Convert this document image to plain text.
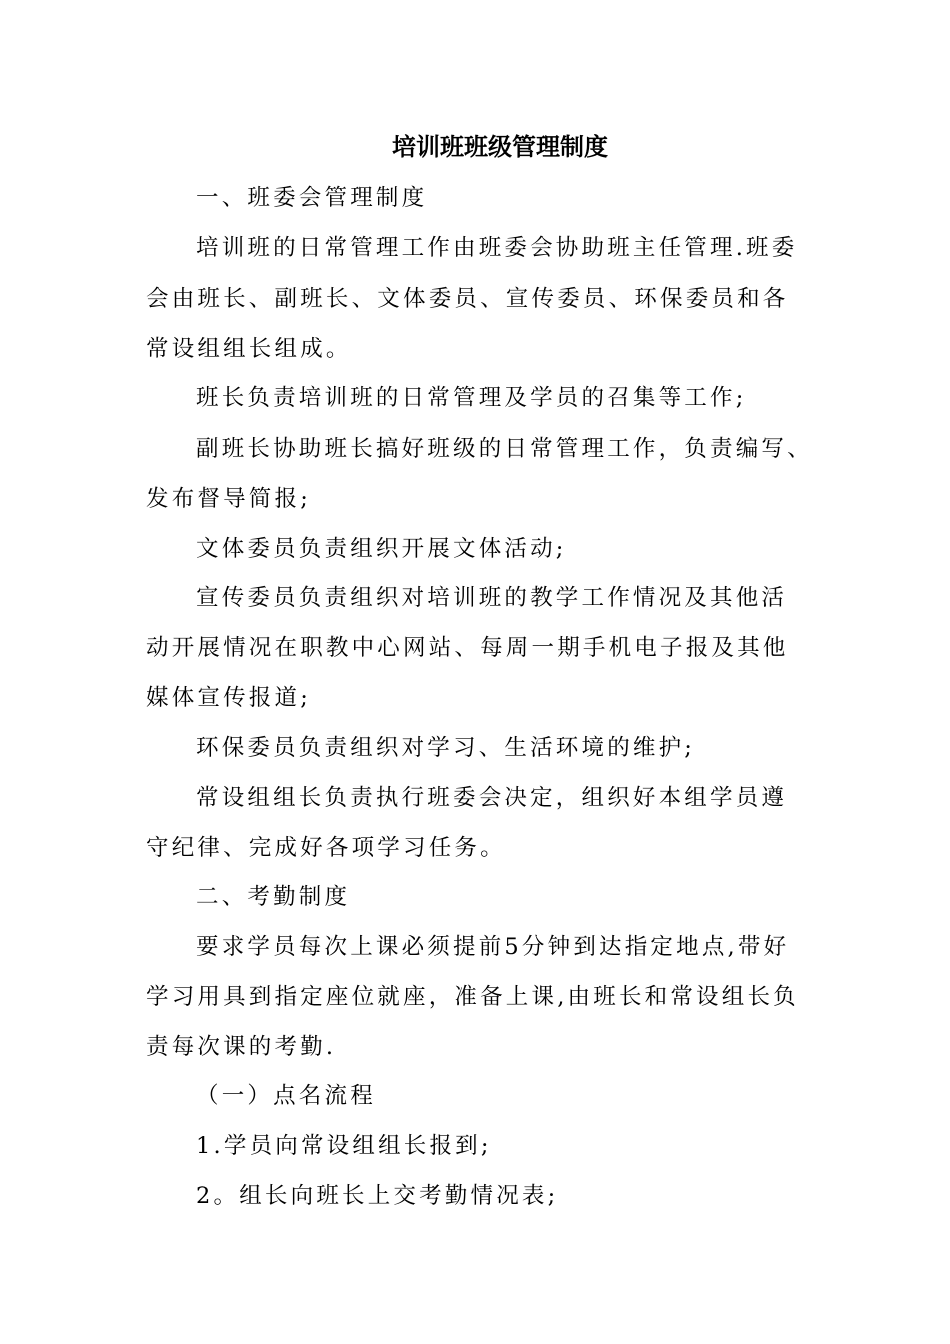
培训班班级管理制度
一、班委会管理制度
培训班的日常管理工作由班委会协助班主任管理.班委
会由班长、副班长、文体委员、宣传委员、环保委员和各
常设组组长组成。
班长负责培训班的日常管理及学员的召集等工作;
副班长协助班长搞好班级的日常管理工作，负责编写、
发布督导简报;
文体委员负责组织开展文体活动;
宣传委员负责组织对培训班的教学工作情况及其他活
动开展情况在职教中心网站、每周一期手机电子报及其他
媒体宣传报道;
环保委员负责组织对学习、生活环境的维护;
常设组组长负责执行班委会决定，组织好本组学员遵
守纪律、完成好各项学习任务。
二、考勤制度
要求学员每次上课必须提前5分钟到达指定地点,带好
学习用具到指定座位就座，准备上课,由班长和常设组长负
责每次课的考勤.
（一）点名流程
1.学员向常设组组长报到;
2。组长向班长上交考勤情况表;
